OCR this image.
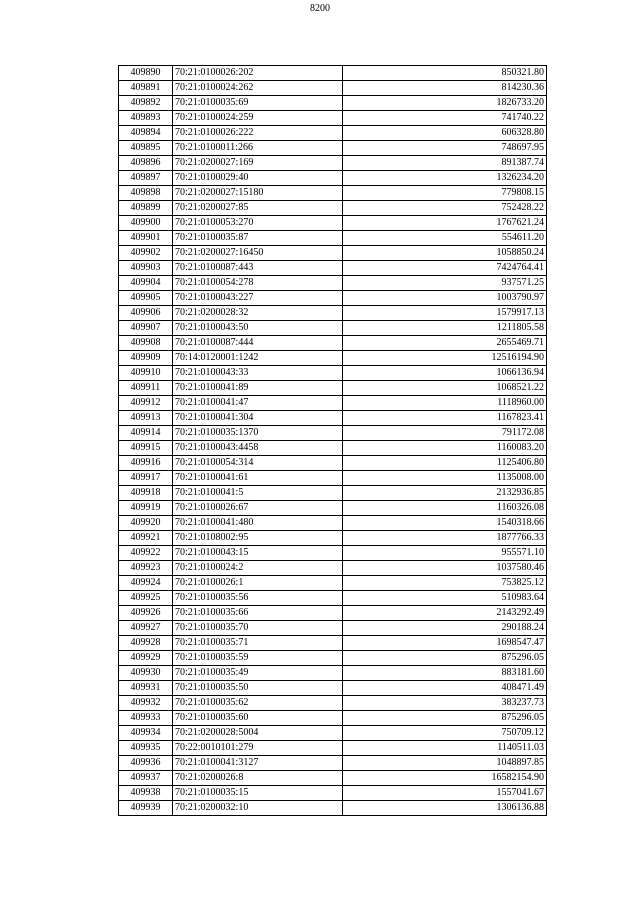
8200
409890	70:21:0100026:202	850321.80
409891	70:21:0100024:262	814230.36
409892	70:21:0100035:69	1826733.20
409893	70:21:0100024:259	741740.22
409894	70:21:0100026:222	606328.80
409895	70:21:0100011:266	748697.95
409896	70:21:0200027:169	891387.74
409897	70:21:0100029:40	1326234.20
409898	70:21:0200027:15180	779808.15
409899	70:21:0200027:85	752428.22
409900	70:21:0100053:270	1767621.24
409901	70:21:0100035:87	554611.20
409902	70:21:0200027:16450	1058850.24
409903	70:21:0100087:443	7424764.41
409904	70:21:0100054:278	937571.25
409905	70:21:0100043:227	1003790.97
409906	70:21:0200028:32	1579917.13
409907	70:21:0100043:50	1211805.58
409908	70:21:0100087:444	2655469.71
409909	70:14:0120001:1242	12516194.90
409910	70:21:0100043:33	1066136.94
409911	70:21:0100041:89	1068521.22
409912	70:21:0100041:47	1118960.00
409913	70:21:0100041:304	1167823.41
409914	70:21:0100035:1370	791172.08
409915	70:21:0100043:4458	1160083.20
409916	70:21:0100054:314	1125406.80
409917	70:21:0100041:61	1135008.00
409918	70:21:0100041:5	2132936.85
409919	70:21:0100026:67	1160326.08
409920	70:21:0100041:480	1540318.66
409921	70:21:0108002:95	1877766.33
409922	70:21:0100043:15	955571.10
409923	70:21:0100024:2	1037580.46
409924	70:21:0100026:1	753825.12
409925	70:21:0100035:56	510983.64
409926	70:21:0100035:66	2143292.49
409927	70:21:0100035:70	290188.24
409928	70:21:0100035:71	1698547.47
409929	70:21:0100035:59	875296.05
409930	70:21:0100035:49	883181.60
409931	70:21:0100035:50	408471.49
409932	70:21:0100035:62	383237.73
409933	70:21:0100035:60	875296.05
409934	70:21:0200028:5004	750709.12
409935	70:22:0010101:279	1140511.03
409936	70:21:0100041:3127	1048897.85
409937	70:21:0200026:8	16582154.90
409938	70:21:0100035:15	1557041.67
409939	70:21:0200032:10	1306136.88
